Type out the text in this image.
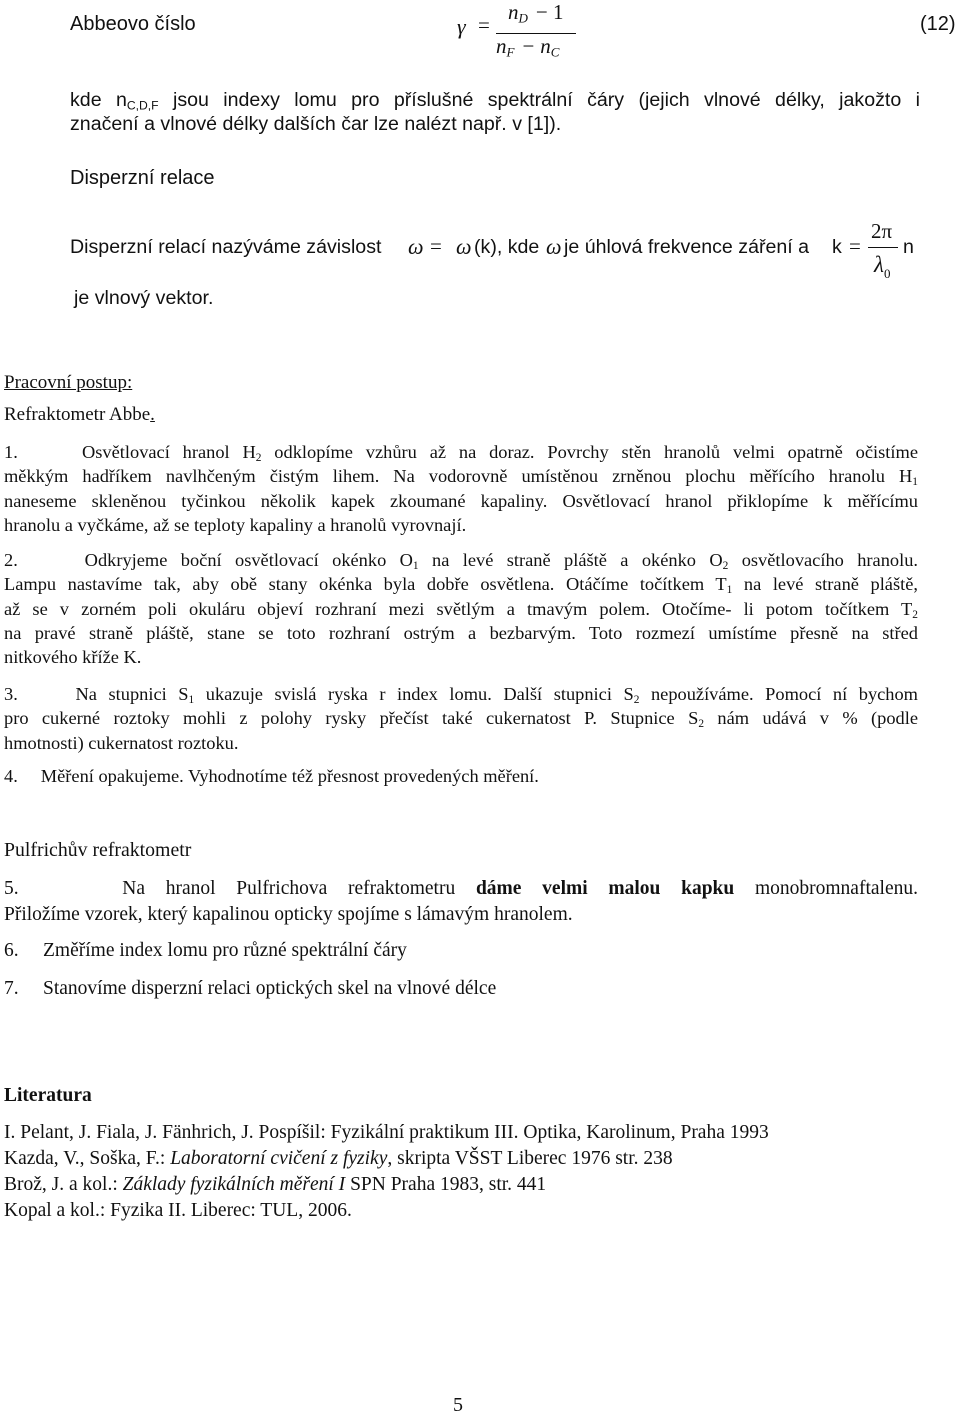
Abbeovo číslo	γ =
$n_D - 1$
$n_F - n_C$
(12)
kde $n_{C,D,F}$ jsou indexy lomu pro příslušné spektrální čáry (jejich vlnové délky, jakožto i
značení a vlnové délky dalších čar lze nalézt např. v [1]).
Disperzní relace
Disperzní relací nazýváme závislost ω = ω (k), kde ω je úhlová frekvence záření a k =
2π
$\lambda_0$
n
je vlnový vektor.
Pracovní postup:
Refraktometr Abbe.
1.     Osvětlovací hranol $H_2$ odklopíme vzhůru až na doraz. Povrchy stěn hranolů velmi opatrně očistíme
měkkým hadříkem navlhčeným čistým lihem. Na vodorovně umístěnou zrněnou plochu měřícího hranolu $H_1$
naneseme skleněnou tyčinkou několik kapek zkoumané kapaliny. Osvětlovací hranol přiklopíme k měřícímu
hranolu a vyčkáme, až se teploty kapaliny a hranolů vyrovnají.
2.     Odkryjeme boční osvětlovací okénko $O_1$ na levé straně pláště a okénko $O_2$ osvětlovacího hranolu.
Lampu nastavíme tak, aby obě stany okénka byla dobře osvětlena. Otáčíme točítkem $T_1$ na levé straně pláště,
až se v zorném poli okuláru objeví rozhraní mezi světlým a tmavým polem. Otočíme- li potom točítkem $T_2$
na pravé straně pláště, stane se toto rozhraní ostrým a bezbarvým. Toto rozmezí umístíme přesně na střed
nitkového kříže K.
3.     Na stupnici $S_1$ ukazuje svislá ryska r index lomu. Další stupnici $S_2$ nepoužíváme. Pomocí ní bychom
pro cukerné roztoky mohli z polohy rysky přečíst také cukernatost P. Stupnice $S_2$ nám udává v % (podle
hmotnosti) cukernatost roztoku.
4.     Měření opakujeme. Vyhodnotíme též přesnost provedených měření.
Pulfrichův refraktometr
5.     Na hranol Pulfrichova refraktometru dáme velmi malou kapku monobromnaftalenu.
Přiložíme vzorek, který kapalinou opticky spojíme s lámavým hranolem.
6.     Změříme index lomu pro různé spektrální čáry
7.     Stanovíme disperzní relaci optických skel na vlnové délce
Literatura
I. Pelant, J. Fiala, J. Fänhrich, J. Pospíšil: Fyzikální praktikum III. Optika, Karolinum, Praha 1993
Kazda, V., Soška, F.: Laboratorní cvičení z fyziky, skripta VŠST Liberec 1976 str. 238
Brož, J. a kol.: Základy fyzikálních měření I SPN Praha 1983, str. 441
Kopal a kol.: Fyzika II. Liberec: TUL, 2006.
5
